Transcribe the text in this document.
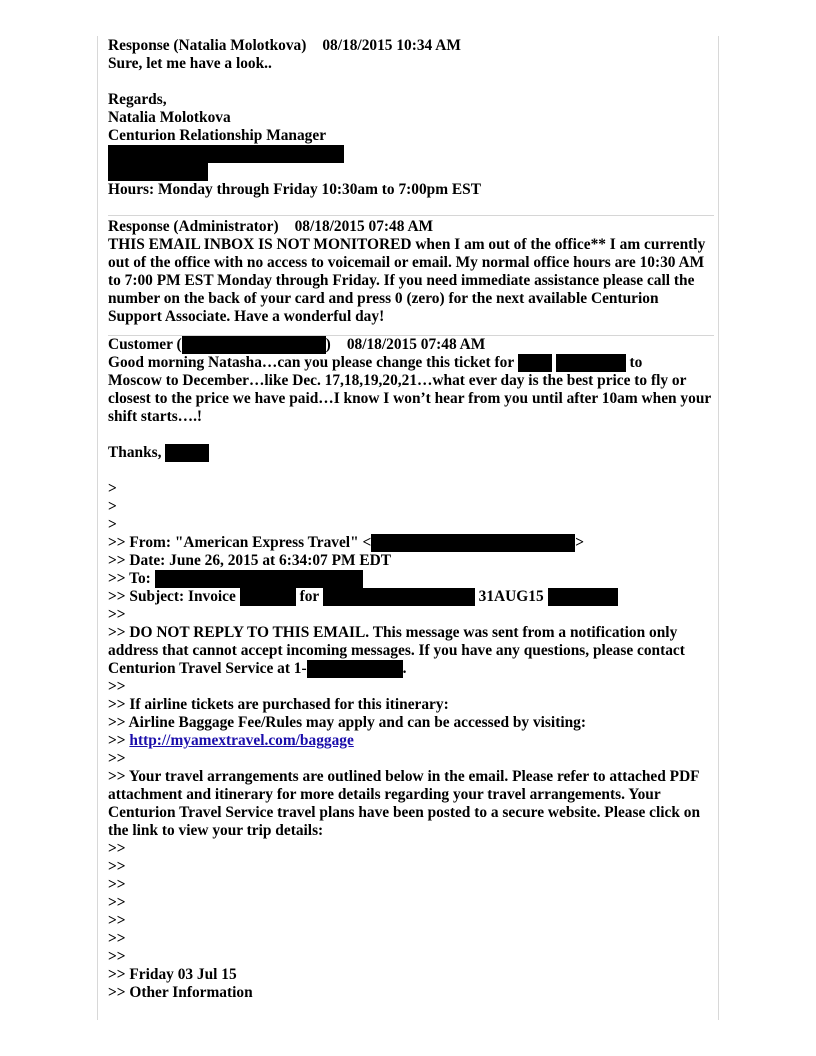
Response (Natalia Molotkova) 08/18/2015 10:34 AM
Sure, let me have a look..
Regards,
Natalia Molotkova
Centurion Relationship Manager
Hours: Monday through Friday 10:30am to 7:00pm EST
Response (Administrator) 08/18/2015 07:48 AM
THIS EMAIL INBOX IS NOT MONITORED when I am out of the office** I am currently out of the office with no access to voicemail or email. My normal office hours are 10:30 AM to 7:00 PM EST Monday through Friday. If you need immediate assistance please call the number on the back of your card and press 0 (zero) for the next available Centurion Support Associate. Have a wonderful day!
Customer (	) 08/18/2015 07:48 AM
Good morning Natasha…can you please change this ticket for	to
Moscow to December…like Dec. 17,18,19,20,21…what ever day is the best price to fly or closest to the price we have paid…I know I won’t hear from you until after 10am when your shift starts….!
Thanks,
>
>
>
>> From: "American Express Travel" <	>
>> Date: June 26, 2015 at 6:34:07 PM EDT
>> To:
>> Subject: Invoice	for	31AUG15
>>
>> DO NOT REPLY TO THIS EMAIL. This message was sent from a notification only address that cannot accept incoming messages. If you have any questions, please contact Centurion Travel Service at 1-	.
>>
>> If airline tickets are purchased for this itinerary:
>> Airline Baggage Fee/Rules may apply and can be accessed by visiting:
>> http://myamextravel.com/baggage
>>
>> Your travel arrangements are outlined below in the email. Please refer to attached PDF attachment and itinerary for more details regarding your travel arrangements. Your Centurion Travel Service travel plans have been posted to a secure website. Please click on the link to view your trip details:
>>
>>
>>
>>
>>
>>
>>
>> Friday 03 Jul 15
>> Other Information
